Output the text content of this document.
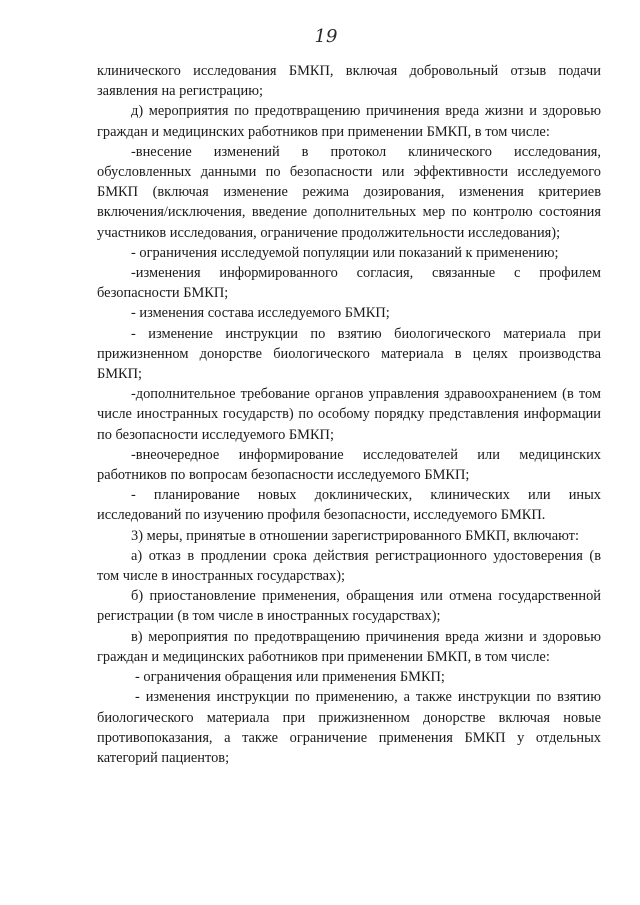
19

клинического исследования БМКП, включая добровольный отзыв подачи заявления на регистрацию;

д) мероприятия по предотвращению причинения вреда жизни и здоровью граждан и медицинских работников при применении БМКП, в том числе:

-внесение изменений в протокол клинического исследования, обусловленных данными по безопасности или эффективности исследуемого БМКП (включая изменение режима дозирования, изменения критериев включения/исключения, введение дополнительных мер по контролю состояния участников исследования, ограничение продолжительности исследования);

- ограничения исследуемой популяции или показаний к применению;

-изменения информированного согласия, связанные с профилем безопасности БМКП;

- изменения состава исследуемого БМКП;

- изменение инструкции по взятию биологического материала при прижизненном донорстве биологического материала в целях производства БМКП;

-дополнительное требование органов управления здравоохранением (в том числе иностранных государств) по особому порядку представления информации по безопасности исследуемого БМКП;

-внеочередное информирование исследователей или медицинских работников по вопросам безопасности исследуемого БМКП;

- планирование новых доклинических, клинических или иных исследований по изучению профиля безопасности, исследуемого БМКП.

3) меры, принятые в отношении зарегистрированного БМКП, включают:

а) отказ в продлении срока действия регистрационного удостоверения (в том числе в иностранных государствах);

б) приостановление применения, обращения или отмена государственной регистрации (в том числе в иностранных государствах);

в) мероприятия по предотвращению причинения вреда жизни и здоровью граждан и медицинских работников при применении БМКП, в том числе:

- ограничения обращения или применения БМКП;

- изменения инструкции по применению, а также инструкции по взятию биологического материала при прижизненном донорстве включая новые противопоказания, а также ограничение применения БМКП у отдельных категорий пациентов;
